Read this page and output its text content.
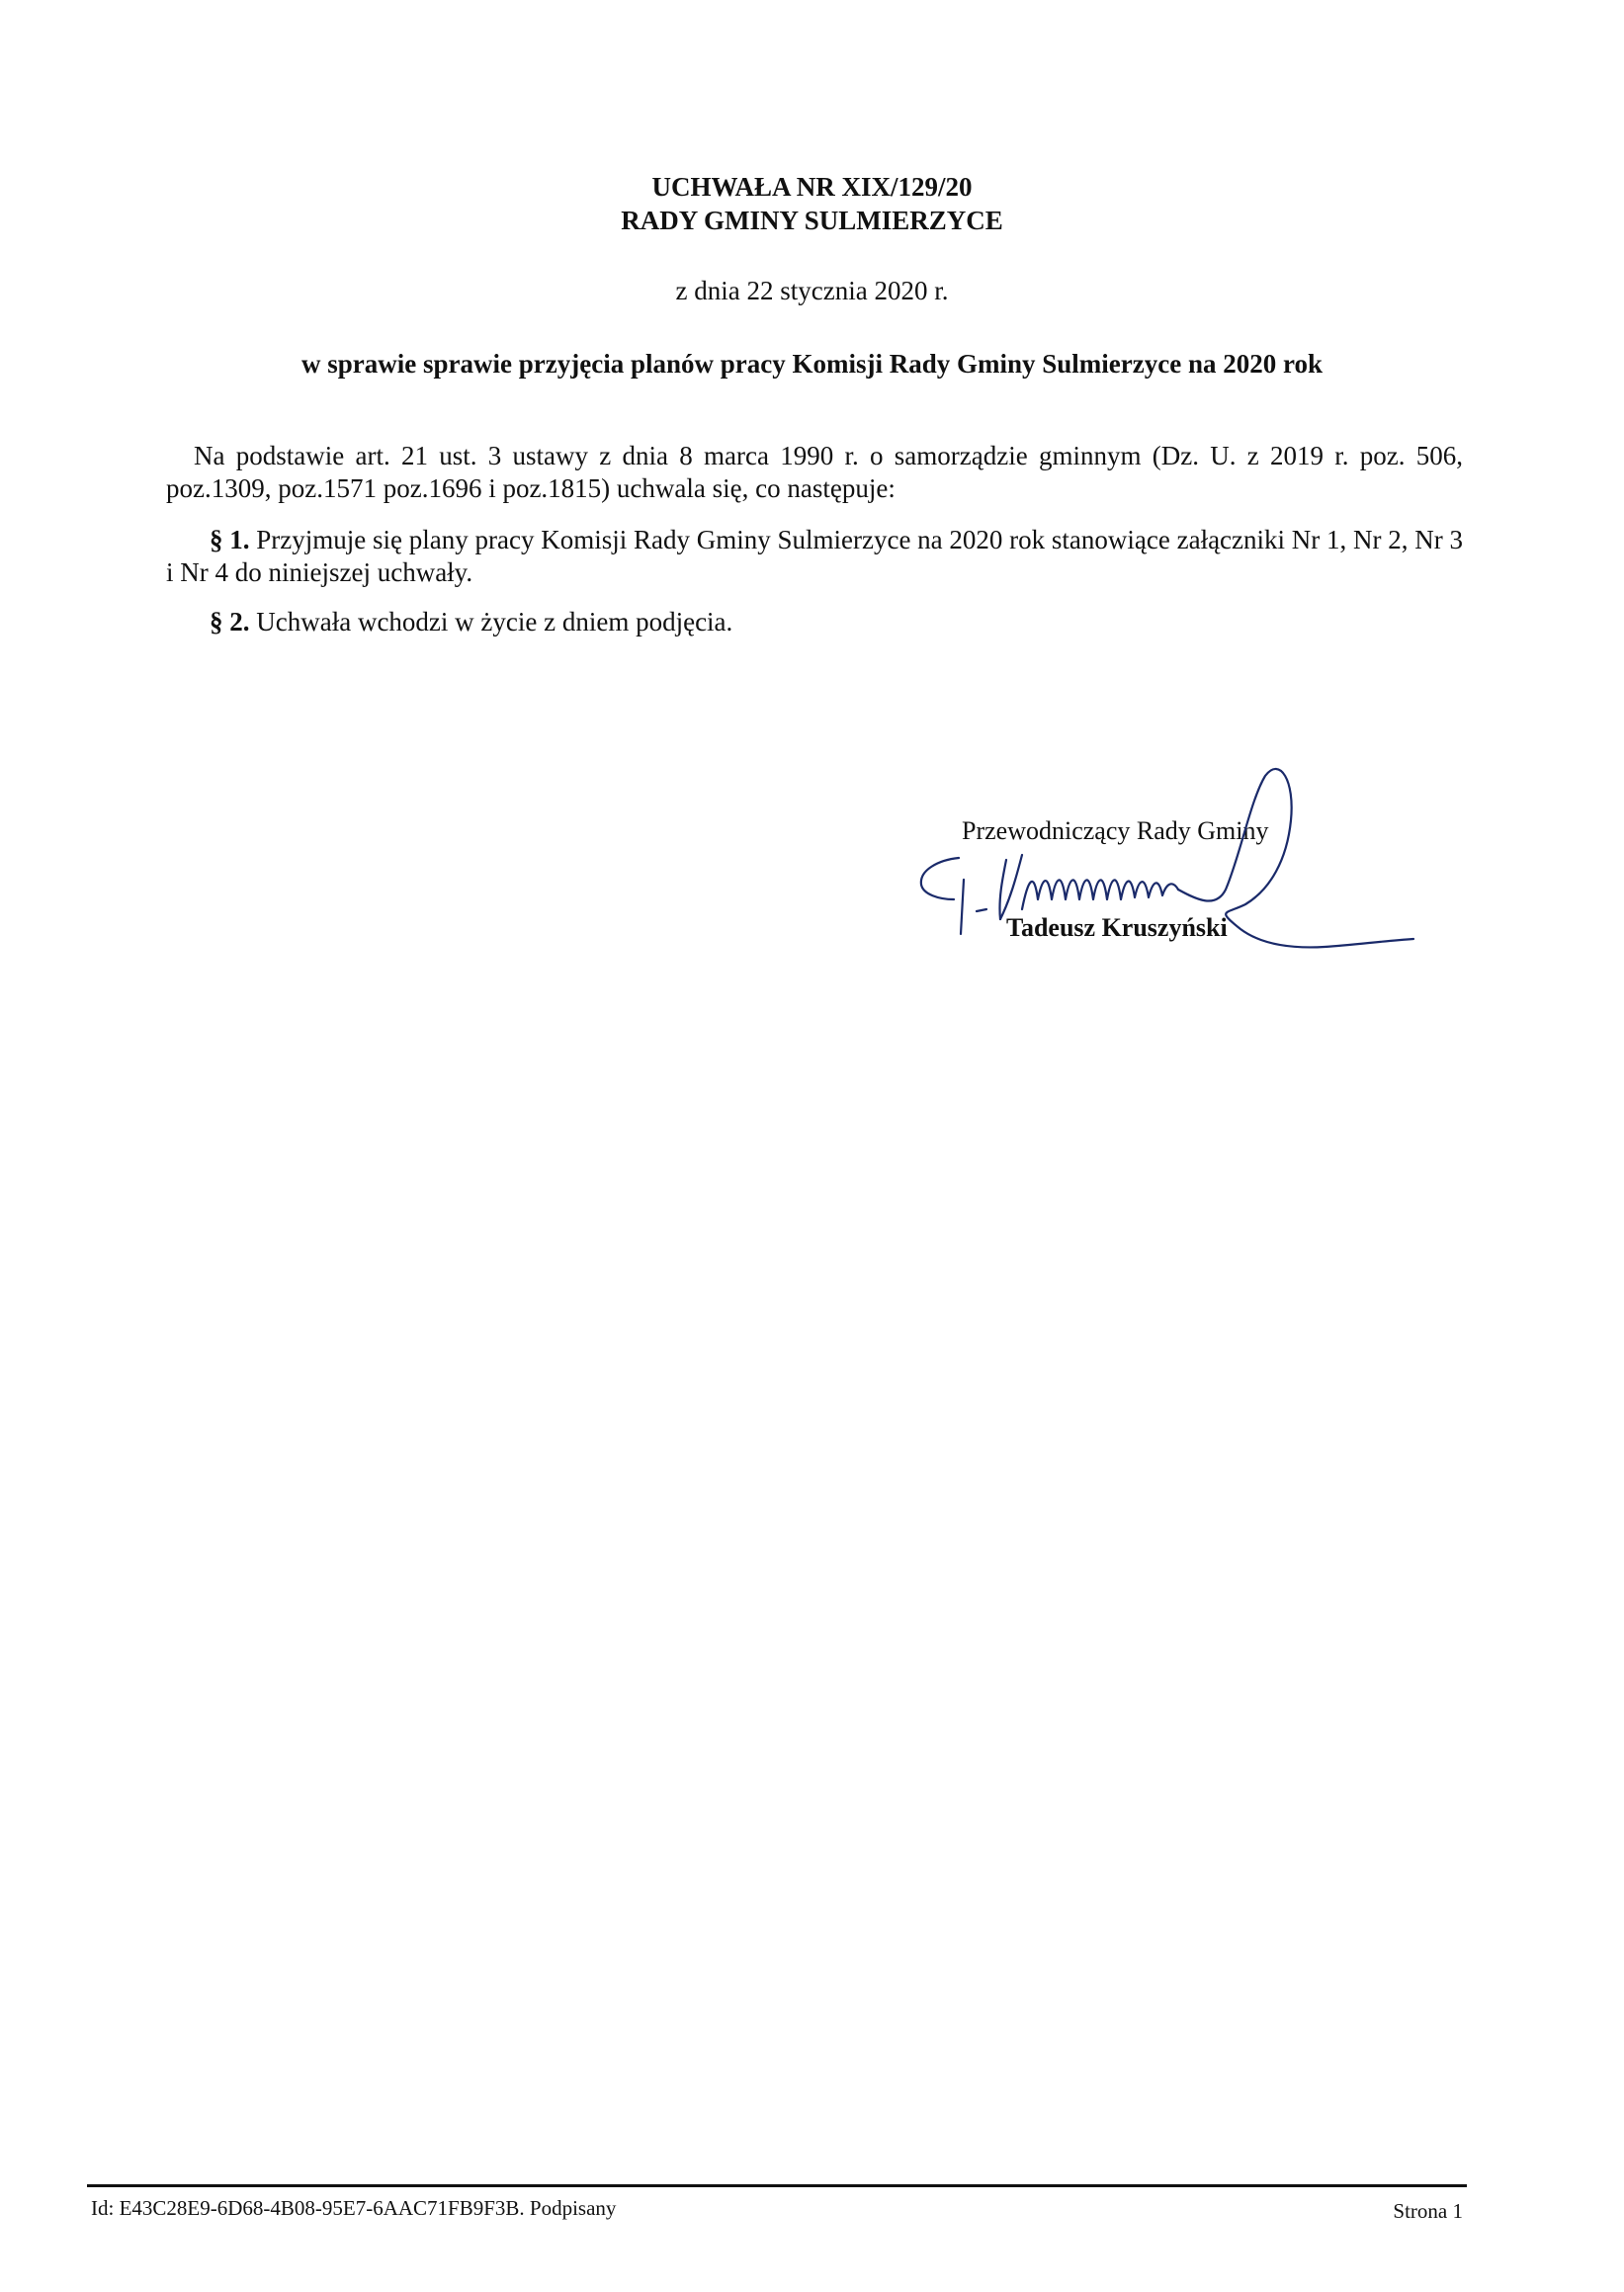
UCHWAŁA NR XIX/129/20
RADY GMINY SULMIERZYCE
z dnia 22 stycznia 2020 r.
w sprawie sprawie przyjęcia planów pracy Komisji Rady Gminy Sulmierzyce na 2020 rok

Na podstawie art. 21 ust. 3 ustawy z dnia 8 marca 1990 r. o samorządzie gminnym (Dz. U. z 2019 r. poz. 506, poz.1309, poz.1571 poz.1696 i poz.1815) uchwala się, co następuje:

§ 1. Przyjmuje się plany pracy Komisji Rady Gminy Sulmierzyce na 2020 rok stanowiące załączniki Nr 1, Nr 2, Nr 3 i Nr 4 do niniejszej uchwały.

§ 2. Uchwała wchodzi w życie z dniem podjęcia.

Przewodniczący Rady Gminy
Tadeusz Kruszyński
Id: E43C28E9-6D68-4B08-95E7-6AAC71FB9F3B. Podpisany	Strona 1
